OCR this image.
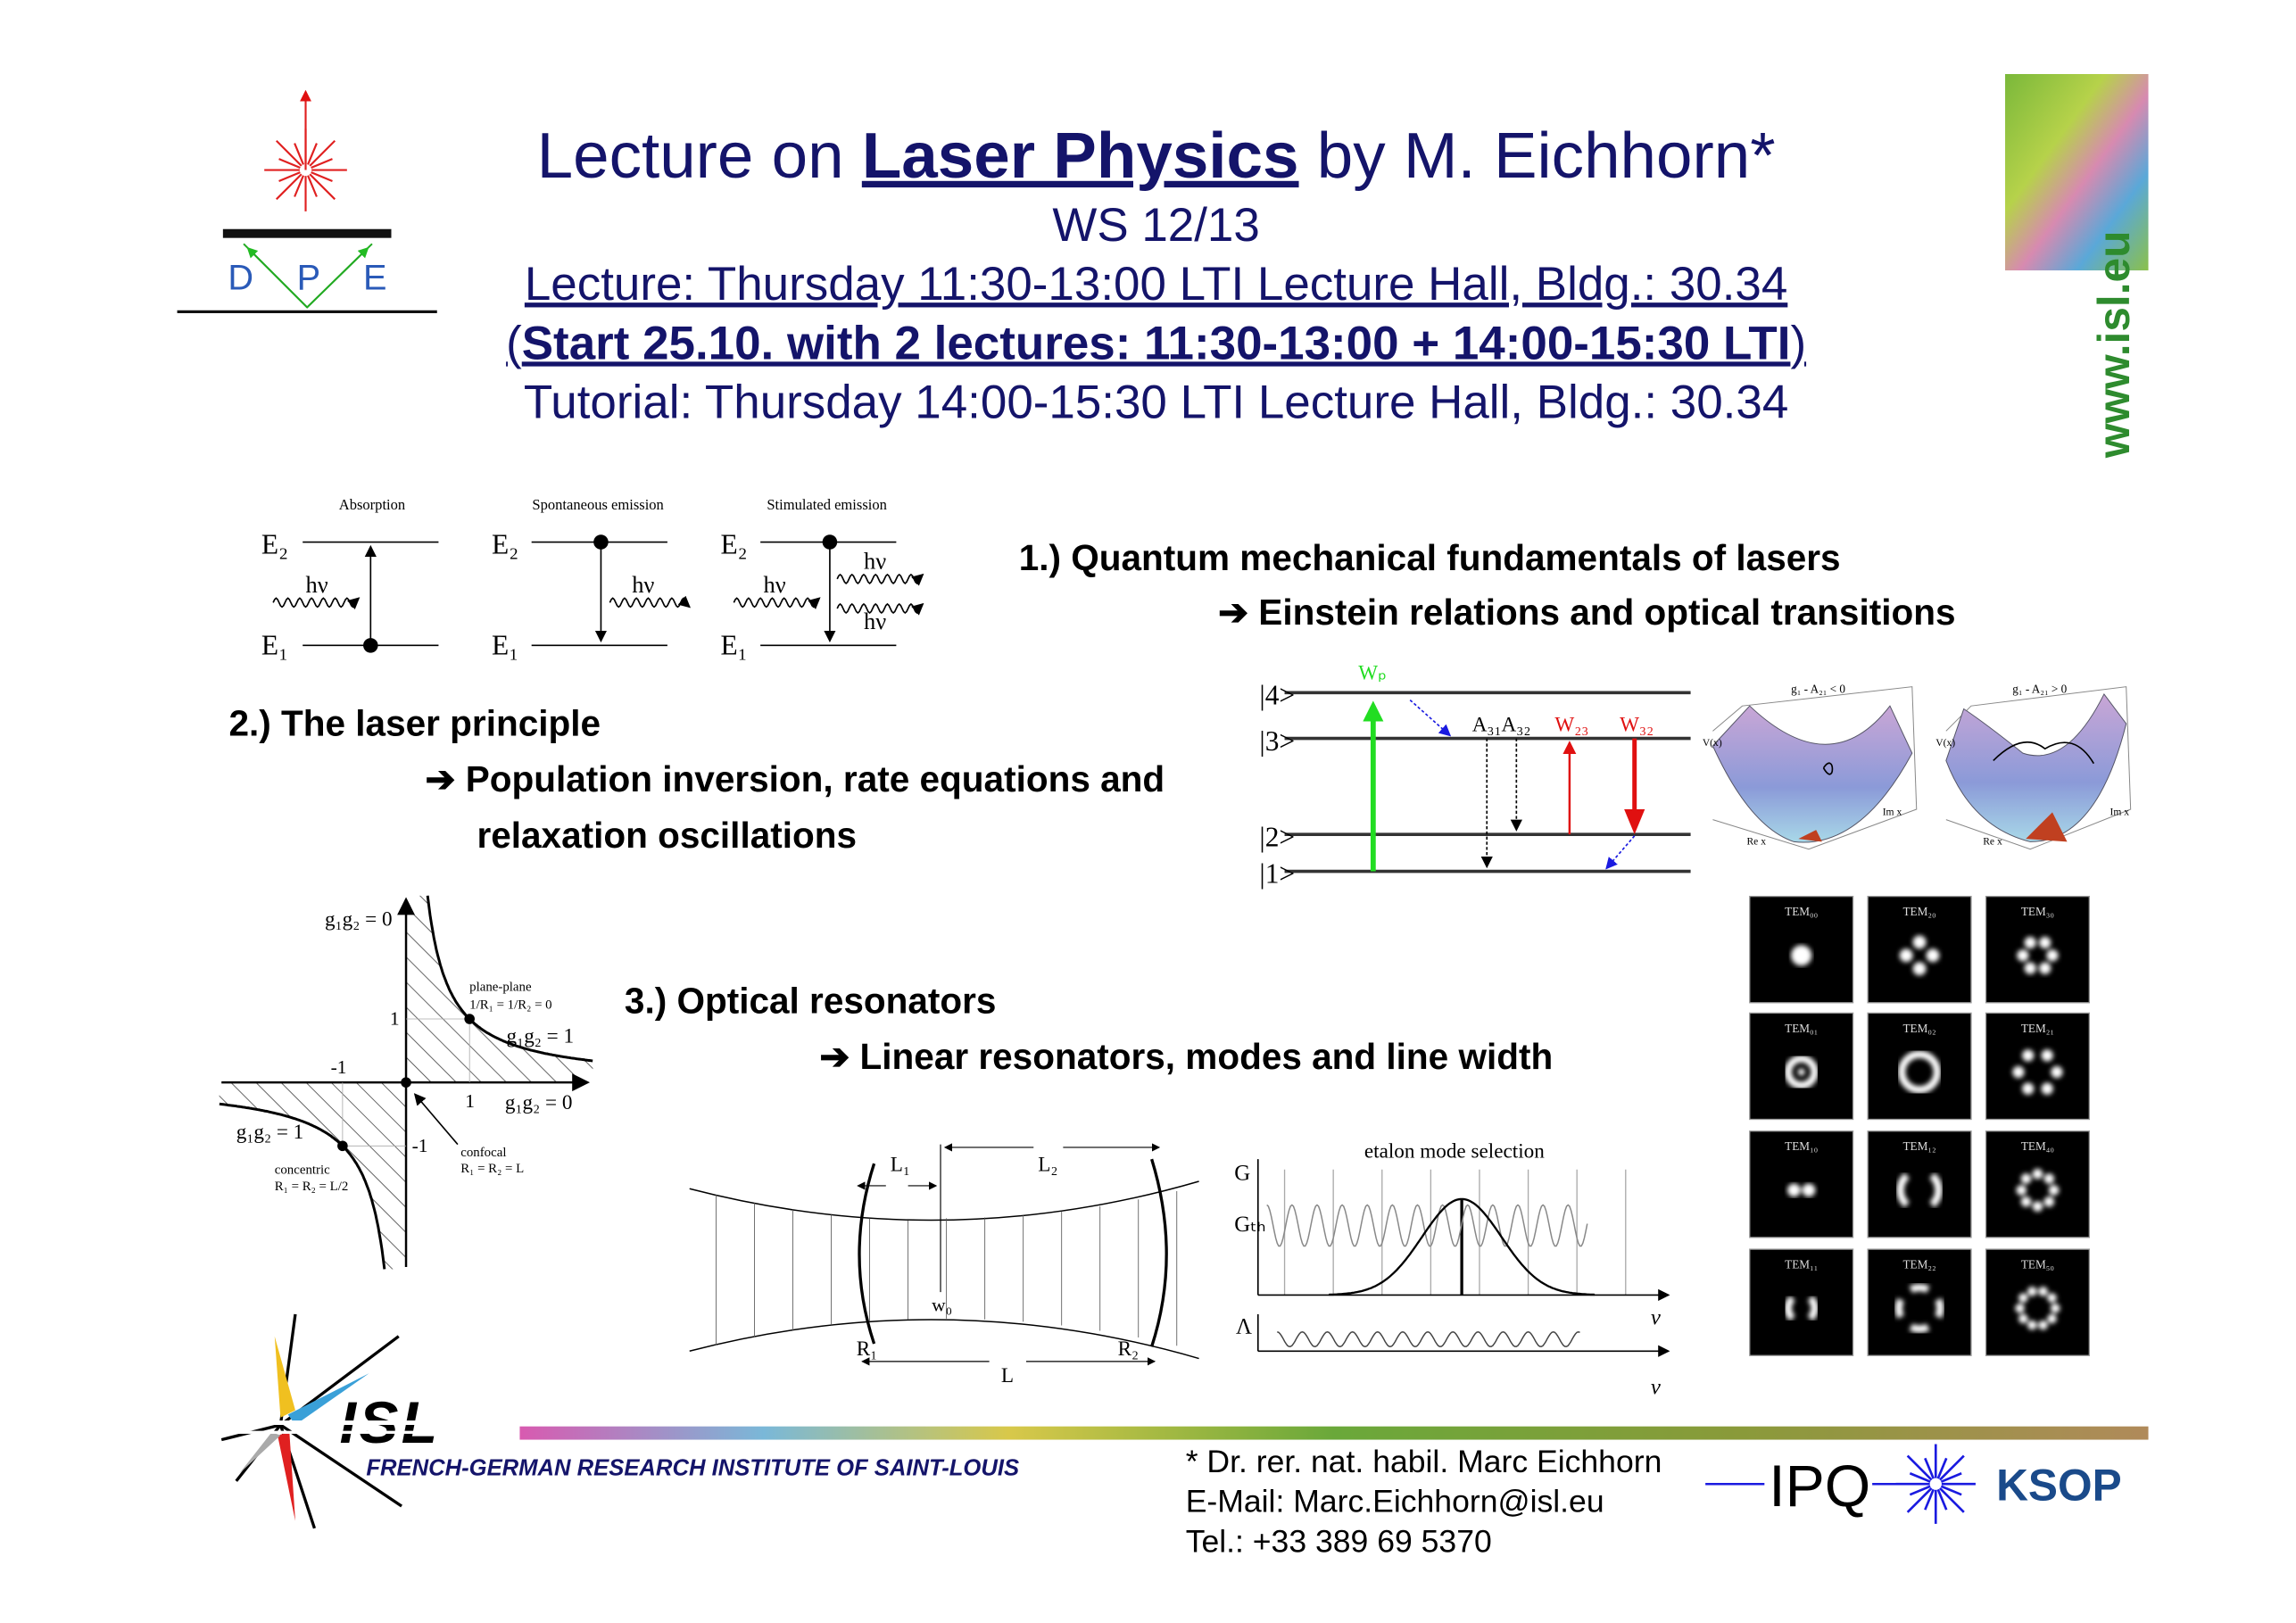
D P E
Lecture on Laser Physics by M. Eichhorn*
WS 12/13
Lecture: Thursday 11:30-13:00 LTI Lecture Hall, Bldg.: 30.34
(Start 25.10. with 2 lectures: 11:30-13:00 + 14:00-15:30 LTI)
Tutorial: Thursday 14:00-15:30 LTI Lecture Hall, Bldg.: 30.34	www.isl.eu
Absorption
E₂
E₁
hν
Spontaneous emission
E₂
E₁
hν
Stimulated emission
E₂
E₁
hν
hν
hν
1.) Quantum mechanical fundamentals of lasers
➔ Einstein relations and optical transitions
2.) The laser principle
➔ Population inversion, rate equations and
relaxation oscillations
3.) Optical resonators
➔ Linear resonators, modes and line width
|4>
|3>
|2>
|1>
Wₚ
A₃₁A₃₂ W₂₃ W₃₂
g₁ - A₂₁ < 0
V(x)
Re x
Im x
g₁ - A₂₁ > 0
V(x)
Re x
Im x
g₁g₂ = 0
g₁g₂ = 0
g₁g₂ = 1
g₁g₂ = 1
1
1
-1
-1
plane-plane
1/R₁ = 1/R₂ = 0
concentric
R₁ = R₂ = L/2
confocal
R₁ = R₂ = L	L₁	L₂
w₀
R₁	R₂
L
etalon mode selection
G
Gₜₕ
Λ	ν
ν
TEM₀₀	TEM₂₀	TEM₃₀
TEM₀₁	TEM₀₂	TEM₂₁
TEM₁₀	TEM₁₂	TEM₄₀
TEM₁₁	TEM₂₂	TEM₅₀
FRENCH-GERMAN RESEARCH INSTITUTE OF SAINT-LOUIS	* Dr. rer. nat. habil. Marc Eichhorn
E-Mail: Marc.Eichhorn@isl.eu
Tel.: +33 389 69 5370
IPQ	KSOP
